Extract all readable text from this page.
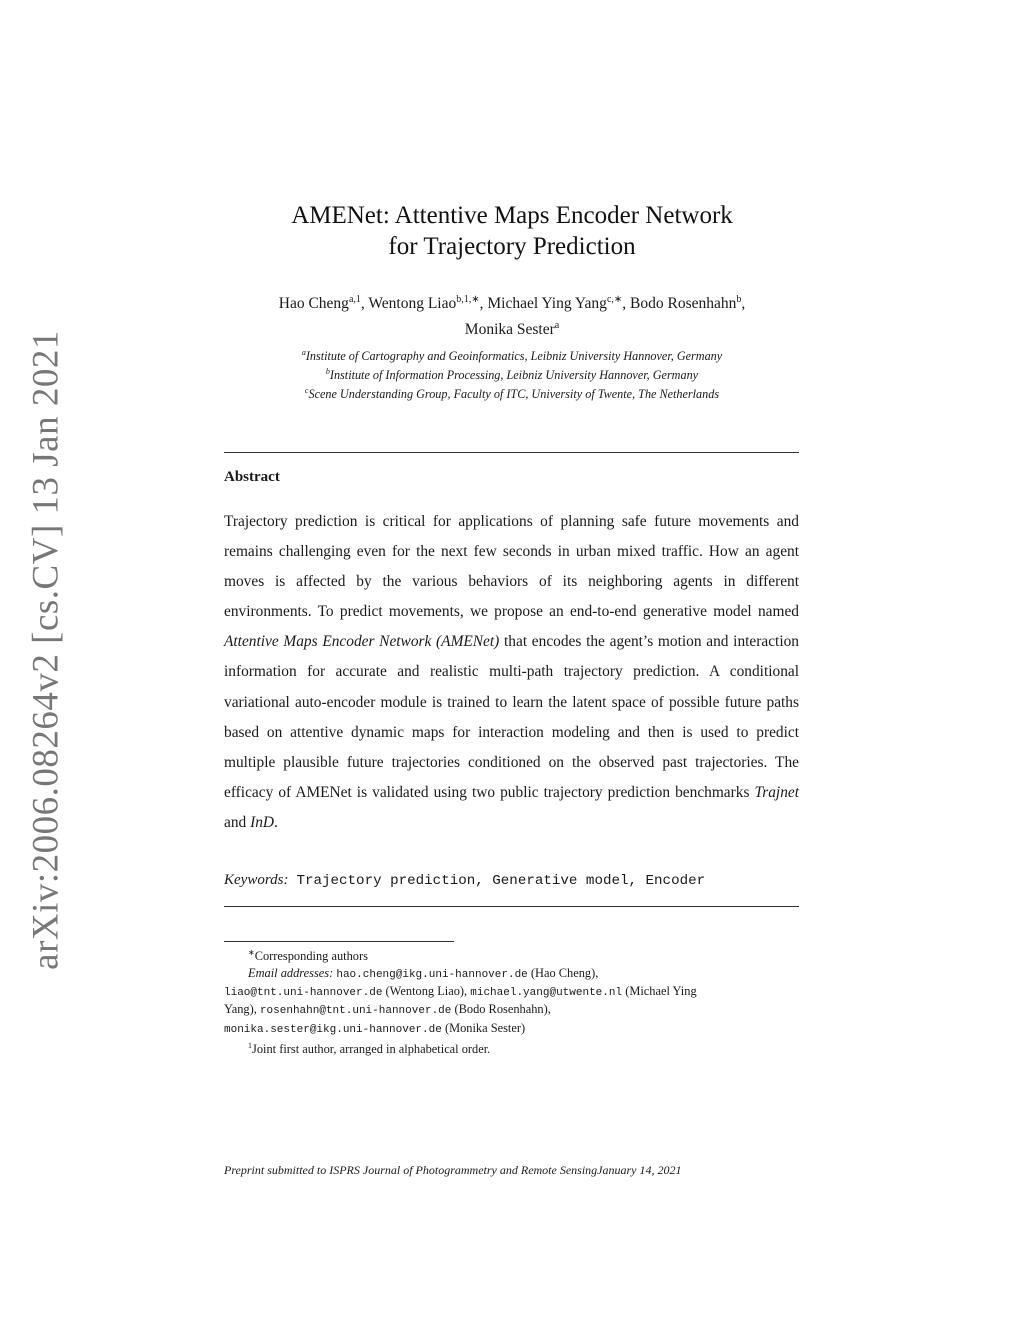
arXiv:2006.08264v2 [cs.CV] 13 Jan 2021
AMENet: Attentive Maps Encoder Network
for Trajectory Prediction
Hao Cheng$^{a,1}$, Wentong Liao$^{b,1,∗}$, Michael Ying Yang$^{c,∗}$, Bodo Rosenhahn$^b$,
Monika Sester$^a$
$^a$Institute of Cartography and Geoinformatics, Leibniz University Hannover, Germany
$^b$Institute of Information Processing, Leibniz University Hannover, Germany
$^c$Scene Understanding Group, Faculty of ITC, University of Twente, The Netherlands
Abstract
Trajectory prediction is critical for applications of planning safe future movements and remains challenging even for the next few seconds in urban mixed traffic. How an agent moves is affected by the various behaviors of its neighboring agents in different environments. To predict movements, we propose an end-to-end generative model named Attentive Maps Encoder Network (AMENet) that encodes the agent’s motion and interaction information for accurate and realistic multi-path trajectory prediction. A conditional variational auto-encoder module is trained to learn the latent space of possible future paths based on attentive dynamic maps for interaction modeling and then is used to predict multiple plausible future trajectories conditioned on the observed past trajectories. The efficacy of AMENet is validated using two public trajectory prediction benchmarks Trajnet and InD.
Keywords: Trajectory prediction, Generative model, Encoder
∗Corresponding authors
Email addresses: hao.cheng@ikg.uni-hannover.de (Hao Cheng),
liao@tnt.uni-hannover.de (Wentong Liao), michael.yang@utwente.nl (Michael Ying
Yang), rosenhahn@tnt.uni-hannover.de (Bodo Rosenhahn),
monika.sester@ikg.uni-hannover.de (Monika Sester)
$^1$Joint first author, arranged in alphabetical order.
Preprint submitted to ISPRS Journal of Photogrammetry and Remote SensingJanuary 14, 2021
